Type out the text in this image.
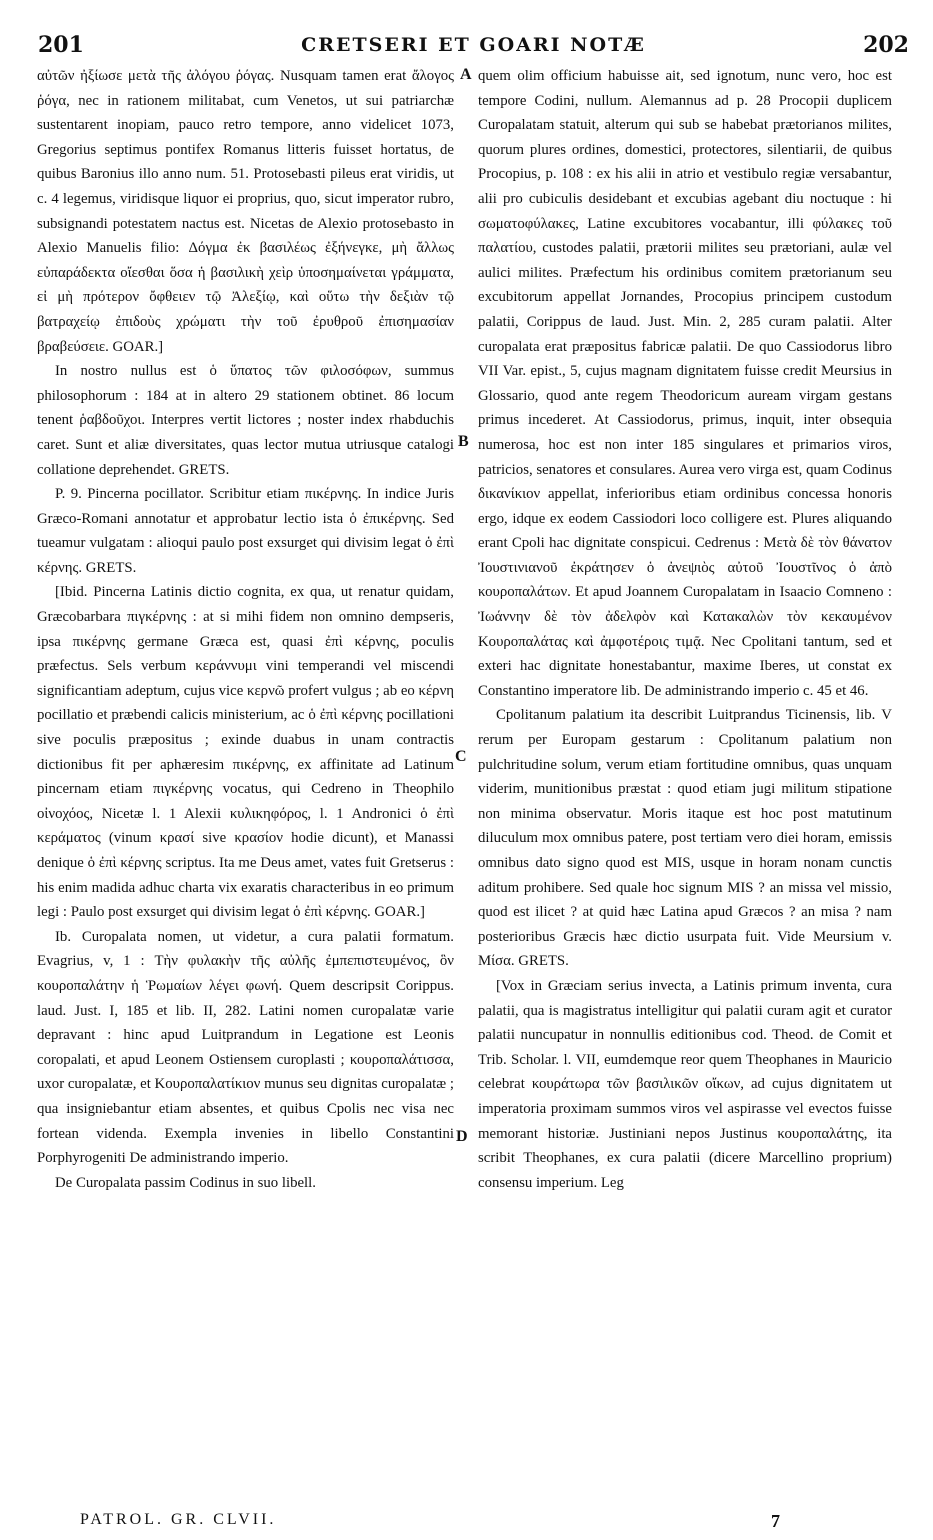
201	CRETSERI ET GOARI NOTÆ	202

αὐτῶν ἠξίωσε μετὰ τῆς ἀλόγου ῥόγας. Nusquam tamen erat ἄλογος ῥόγα, nec in rationem militabat, cum Venetos, ut sui patriarchæ sustentarent inopiam, pauco retro tempore, anno videlicet 1073, Gregorius septimus pontifex Romanus litteris fuisset hortatus, de quibus Baronius illo anno num. 51. Protosebasti pileus erat viridis, ut c. 4 legemus, viridisque liquor ei proprius, quo, sicut imperator rubro, subsignandi potestatem nactus est. Nicetas de Alexio protosebasto in Alexio Manuelis filio: Δόγμα ἐκ βασιλέως ἐξήνεγκε, μὴ ἄλλως εὐπαράδεκτα οἴεσθαι ὅσα ἡ βασιλικὴ χεὶρ ὑποσημαίνεται γράμματα, εἰ μὴ πρότερον ὄφθειεν τῷ Ἀλεξίῳ, καὶ οὕτω τὴν δεξιὰν τῷ βατραχείῳ ἐπιδοὺς χρώματι τὴν τοῦ ἐρυθροῦ ἐπισημασίαν βραβεύσειε. GOAR.]

In nostro nullus est ὁ ὕπατος τῶν φιλοσόφων, summus philosophorum : 184 at in altero 29 stationem obtinet. 86 locum tenent ῥαβδοῦχοι. Interpres vertit lictores ; noster index rhabduchis caret. Sunt et aliæ diversitates, quas lector mutua utriusque catalogi collatione deprehendet. GRETS.

P. 9. Pincerna pocillator. Scribitur etiam πικέρνης. In indice Juris Græco-Romani annotatur et approbatur lectio ista ὁ ἐπικέρνης. Sed tueamur vulgatam : alioqui paulo post exsurget qui divisim legat ὁ ἐπὶ κέρνης. GRETS.

[Ibid. Pincerna Latinis dictio cognita, ex qua, ut renatur quidam, Græcobarbara πιγκέρνης : at si mihi fidem non omnino dempseris, ipsa πικέρνης germane Græca est, quasi ἐπὶ κέρνης, poculis præfectus. Sels verbum κεράννυμι vini temperandi vel miscendi significantiam adeptum, cujus vice κερνῶ profert vulgus ; ab eo κέρνη pocillatio et præbendi calicis ministerium, ac ὁ ἐπὶ κέρνης pocillationi sive poculis præpositus ; exinde duabus in unam contractis dictionibus fit per aphæresim πικέρνης, ex affinitate ad Latinum pincernam etiam πιγκέρνης vocatus, qui Cedreno in Theophilo οἰνοχόος, Nicetæ l. 1 Alexii κυλικηφόρος, l. 1 Andronici ὁ ἐπὶ κεράματος (vinum κρασί sive κρασίον hodie dicunt), et Manassi denique ὁ ἐπὶ κέρνης scriptus. Ita me Deus amet, vates fuit Gretserus : his enim madida adhuc charta vix exaratis characteribus in eo primum legi : Paulo post exsurget qui divisim legat ὁ ἐπὶ κέρνης. GOAR.]

Ib. Curopalata nomen, ut videtur, a cura palatii formatum. Evagrius, v, 1 : Τὴν φυλακὴν τῆς αὐλῆς ἐμπεπιστευμένος, ὃν κουροπαλάτην ἡ Ῥωμαίων λέγει φωνή. Quem descripsit Corippus. laud. Just. I, 185 et lib. II, 282. Latini nomen curopalatæ varie depravant : hinc apud Luitprandum in Legatione est Leonis coropalati, et apud Leonem Ostiensem curoplasti ; κουροπαλάτισσα, uxor curopalatæ, et Κουροπαλατίκιον munus seu dignitas curopalatæ ; qua insigniebantur etiam absentes, et quibus Cpolis nec visa nec fortean videnda. Exempla invenies in libello Constantini Porphyrogeniti De administrando imperio.

De Curopalata passim Codinus in suo libell.

quem olim officium habuisse ait, sed ignotum, nunc vero, hoc est tempore Codini, nullum. Alemannus ad p. 28 Procopii duplicem Curopalatam statuit, alterum qui sub se habebat prætorianos milites, quorum plures ordines, domestici, protectores, silentiarii, de quibus Procopius, p. 108 : ex his alii in atrio et vestibulo regiæ versabantur, alii pro cubiculis desidebant et excubias agebant diu noctuque : hi σωματοφύλακες, Latine excubitores vocabantur, illi φύλακες τοῦ παλατίου, custodes palatii, prætorii milites seu prætoriani, aulæ vel aulici milites. Præfectum his ordinibus comitem prætorianum seu excubitorum appellat Jornandes, Procopius principem custodum palatii, Corippus de laud. Just. Min. 2, 285 curam palatii. Alter curopalata erat præpositus fabricæ palatii. De quo Cassiodorus libro VII Var. epist., 5, cujus magnam dignitatem fuisse credit Meursius in Glossario, quod ante regem Theodoricum auream virgam gestans primus incederet. At Cassiodorus, primus, inquit, inter obsequia numerosa, hoc est non inter 185 singulares et primarios viros, patricios, senatores et consulares. Aurea vero virga est, quam Codinus δικανίκιον appellat, inferioribus etiam ordinibus concessa honoris ergo, idque ex eodem Cassiodori loco colligere est. Plures aliquando erant Cpoli hac dignitate conspicui. Cedrenus : Μετὰ δὲ τὸν θάνατον Ἰουστινιανοῦ ἐκράτησεν ὁ ἀνεψιὸς αὐτοῦ Ἰουστῖνος ὁ ἀπὸ κουροπαλάτων. Et apud Joannem Curopalatam in Isaacio Comneno : Ἰωάννην δὲ τὸν ἀδελφὸν καὶ Κατακαλὼν τὸν κεκαυμένον Κουροπαλάτας καὶ ἀμφοτέροις τιμᾷ. Nec Cpolitani tantum, sed et exteri hac dignitate honestabantur, maxime Iberes, ut constat ex Constantino imperatore lib. De administrando imperio c. 45 et 46.

Cpolitanum palatium ita describit Luitprandus Ticinensis, lib. V rerum per Europam gestarum : Cpolitanum palatium non pulchritudine solum, verum etiam fortitudine omnibus, quas unquam viderim, munitionibus præstat : quod etiam jugi militum stipatione non minima observatur. Moris itaque est hoc post matutinum diluculum mox omnibus patere, post tertiam vero diei horam, emissis omnibus dato signo quod est MIS, usque in horam nonam cunctis aditum prohibere. Sed quale hoc signum MIS ? an missa vel missio, quod est ilicet ? at quid hæc Latina apud Græcos ? an misa ? nam posterioribus Græcis hæc dictio usurpata fuit. Vide Meursium v. Μίσα. GRETS.

[Vox in Græciam serius invecta, a Latinis primum inventa, cura palatii, qua is magistratus intelligitur qui palatii curam agit et curator palatii nuncupatur in nonnullis editionibus cod. Theod. de Comit et Trib. Scholar. l. VII, eumdemque reor quem Theophanes in Mauricio celebrat κουράτωρα τῶν βασιλικῶν οἴκων, ad cujus dignitatem ut imperatoria proximam summos viros vel aspirasse vel evectos fuisse memorant historiæ. Justiniani nepos Justinus κουροπαλάτης, ita scribit Theophanes, ex cura palatii (dicere Marcellino proprium) consensu imperium. Leg

A
B
C
D
PATROL. GR. CLVII.	7
